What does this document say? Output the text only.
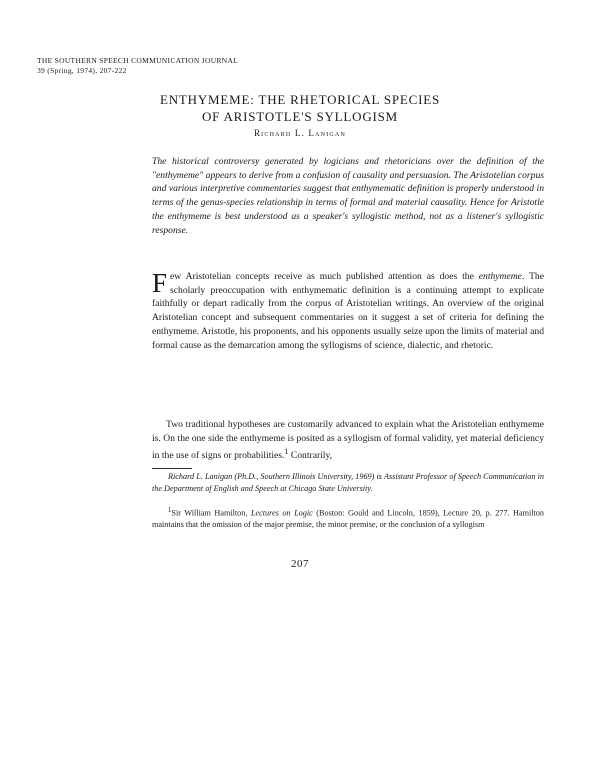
THE SOUTHERN SPEECH COMMUNICATION JOURNAL
39 (Spring, 1974), 207-222
ENTHYMEME: THE RHETORICAL SPECIES
OF ARISTOTLE'S SYLLOGISM
Richard L. Lanigan

The historical controversy generated by logicians and rhetoricians over the definition of the "enthymeme" appears to derive from a confusion of causality and persuasion. The Aristotelian corpus and various interpretive commentaries suggest that enthymematic definition is properly understood in terms of the genus-species relationship in terms of formal and material causality. Hence for Aristotle the enthymeme is best understood as a speaker's syllogistic method, not as a listener's syllogistic response.

Few Aristotelian concepts receive as much published attention as does the enthymeme. The scholarly preoccupation with enthymematic definition is a continuing attempt to explicate faithfully or depart radically from the corpus of Aristotelian writings. An overview of the original Aristotelian concept and subsequent commentaries on it suggest a set of criteria for defining the enthymeme. Aristotle, his proponents, and his opponents usually seize upon the limits of material and formal cause as the demarcation among the syllogisms of science, dialectic, and rhetoric.

Two traditional hypotheses are customarily advanced to explain what the Aristotelian enthymeme is. On the one side the enthymeme is posited as a syllogism of formal validity, yet material deficiency in the use of signs or probabilities.$^1$ Contrarily,

Richard L. Lanigan (Ph.D., Southern Illinois University, 1969) is Assistant Professor of Speech Communication in the Department of English and Speech at Chicago State University.

$^1$Sir William Hamilton, Lectures on Logic (Boston: Gould and Lincoln, 1859), Lecture 20, p. 277. Hamilton maintains that the omission of the major premise, the minor premise, or the conclusion of a syllogism

207
